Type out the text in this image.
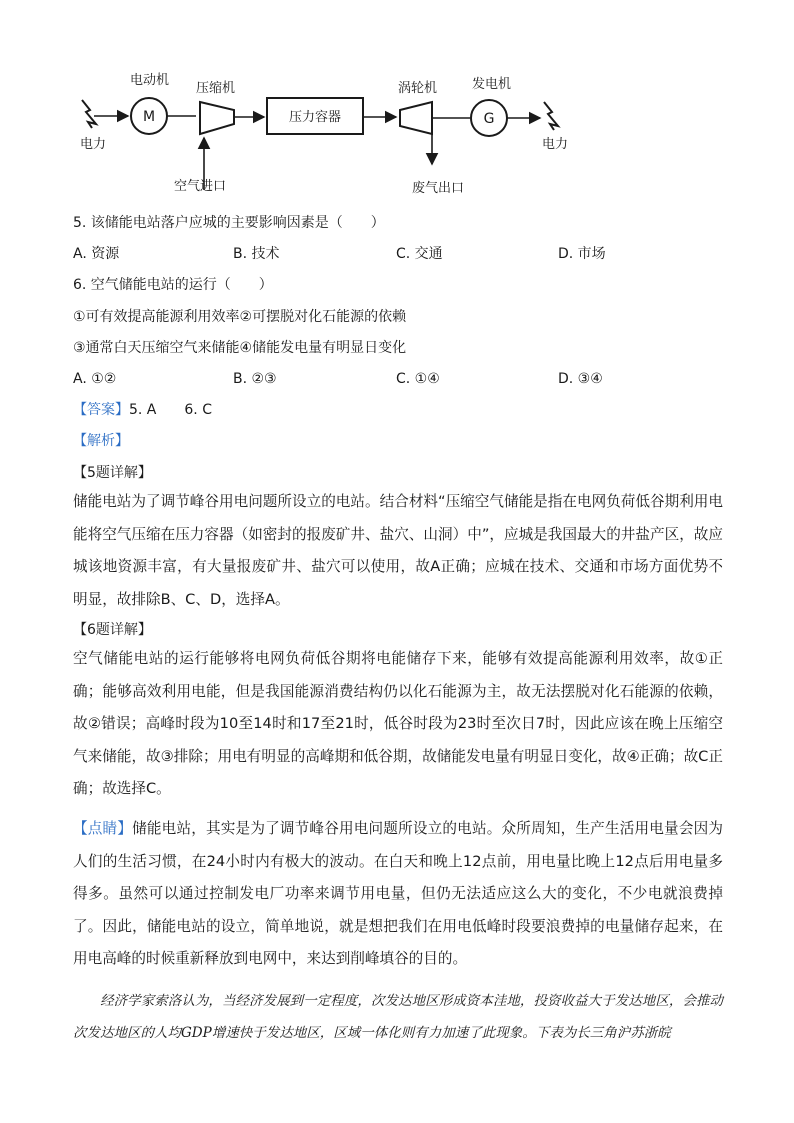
电力
电动机
M
压缩机
空气进口
压力容器
涡轮机
废气出口
发电机
G
电力
5. 该储能电站落户应城的主要影响因素是（　　）
A. 资源	B. 技术	C. 交通	D. 市场
6. 空气储能电站的运行（　　）
①可有效提高能源利用效率②可摆脱对化石能源的依赖
③通常白天压缩空气来储能④储能发电量有明显日变化
A. ①②	B. ②③	C. ①④	D. ③④
【答案】5. A　　6. C
【解析】
【5题详解】
储能电站为了调节峰谷用电问题所设立的电站。结合材料“压缩空气储能是指在电网负荷低谷期利用电能将空气压缩在压力容器（如密封的报废矿井、盐穴、山洞）中”，应城是我国最大的井盐产区，故应城该地资源丰富，有大量报废矿井、盐穴可以使用，故A正确；应城在技术、交通和市场方面优势不明显，故排除B、C、D，选择A。
【6题详解】
空气储能电站的运行能够将电网负荷低谷期将电能储存下来，能够有效提高能源利用效率，故①正确；能够高效利用电能，但是我国能源消费结构仍以化石能源为主，故无法摆脱对化石能源的依赖，故②错误；高峰时段为10至14时和17至21时，低谷时段为23时至次日7时，因此应该在晚上压缩空气来储能，故③排除；用电有明显的高峰期和低谷期，故储能发电量有明显日变化，故④正确；故C正确；故选择C。
【点睛】储能电站，其实是为了调节峰谷用电问题所设立的电站。众所周知，生产生活用电量会因为人们的生活习惯，在24小时内有极大的波动。在白天和晚上12点前，用电量比晚上12点后用电量多得多。虽然可以通过控制发电厂功率来调节用电量，但仍无法适应这么大的变化，不少电就浪费掉了。因此，储能电站的设立，简单地说，就是想把我们在用电低峰时段要浪费掉的电量储存起来，在用电高峰的时候重新释放到电网中，来达到削峰填谷的目的。
　　经济学家索洛认为，当经济发展到一定程度，次发达地区形成资本洼地，投资收益大于发达地区，会推动次发达地区的人均GDP增速快于发达地区，区域一体化则有力加速了此现象。下表为长三角沪苏浙皖
